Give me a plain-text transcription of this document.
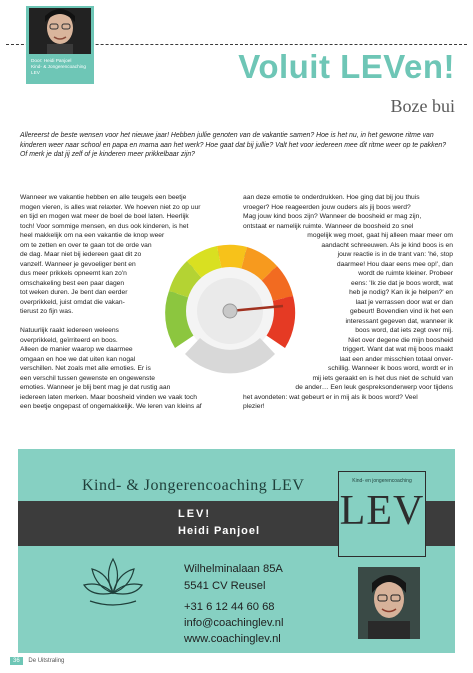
Door: Heidi Panjoel
Kind- & Jongerencoaching
LEV	Voluit LEVen!
Boze bui
Allereerst de beste wensen voor het nieuwe jaar! Hebben jullie genoten van de vakantie samen? Hoe is het nu, in het gewone ritme van kinderen weer naar school en papa en mama aan het werk? Hoe gaat dat bij jullie? Valt het voor iedereen mee dit ritme weer op te pakken? Of merk je dat jij zelf of je kinderen meer prikkelbaar zijn?

Wanneer we vakantie hebben en alle teugels een beetje
mogen vieren, is alles wat relaxter. We hoeven niet zo op uur
en tijd en mogen wat meer de boel de boel laten. Heerlijk
toch! Voor sommige mensen, en dus ook kinderen, is het
heel makkelijk om na een vakantie de knop weer
om te zetten en over te gaan tot de orde van
de dag. Maar niet bij iedereen gaat dit zo
vanzelf. Wanneer je gevoeliger bent en
dus meer prikkels opneemt kan zo'n
omschakeling best een paar dagen
tot weken duren. Je bent dan eerder
overprikkeld, juist omdat die vakan-
tierust zo fijn was.

Natuurlijk raakt iedereen weleens
overprikkeld, geïrriteerd en boos.
Alleen de manier waarop we daarmee
omgaan en hoe we dat uiten kan nogal
verschillen. Net zoals met alle emoties. Er is
een verschil tussen gewenste en ongewenste
emoties. Wanneer je blij bent mag je dat rustig aan
iedereen laten merken. Maar boosheid vinden we vaak toch
een beetje ongepast of ongemakkelijk. We leren van kleins af

aan deze emotie te onderdrukken. Hoe ging dat bij jou thuis
vroeger? Hoe reageerden jouw ouders als jij boos werd?
Mag jouw kind boos zijn? Wanneer de boosheid er mag zijn,
ontstaat er namelijk ruimte. Wanneer de boosheid zo snel
mogelijk weg moet, gaat hij alleen maar meer om
aandacht schreeuwen. Als je kind boos is en
jouw reactie is in de trant van: 'hé, stop
daarmee! Hou daar eens mee op!', dan
wordt de ruimte kleiner. Probeer
eens: 'Ik zie dat je boos wordt, wat
heb je nodig? Kan ik je helpen?' en
laat je verrassen door wat er dan
gebeurt! Bovendien vind ik het een
interessant gegeven dat, wanneer ik
boos word, dat iets zegt over mij.
Niet over degene die mijn boosheid
triggert. Want dat wat mij boos maakt
laat een ander misschien totaal onver-
schillig. Wanneer ik boos word, wordt er in
mij iets geraakt en is het dus niet de schuld van
de ander… Een leuk gespreksonderwerp voor tijdens
het avondeten: wat gebeurt er in mij als ik boos word? Veel
plezier!

Kind- & Jongerencoaching LEV
LEV!
Heidi Panjoel
Kind- en jongerencoaching
LEV
Wilhelminalaan 85A
5541 CV Reusel
+31 6 12 44 60 68
info@coachinglev.nl
www.coachinglev.nl
36 De Uitstraling
